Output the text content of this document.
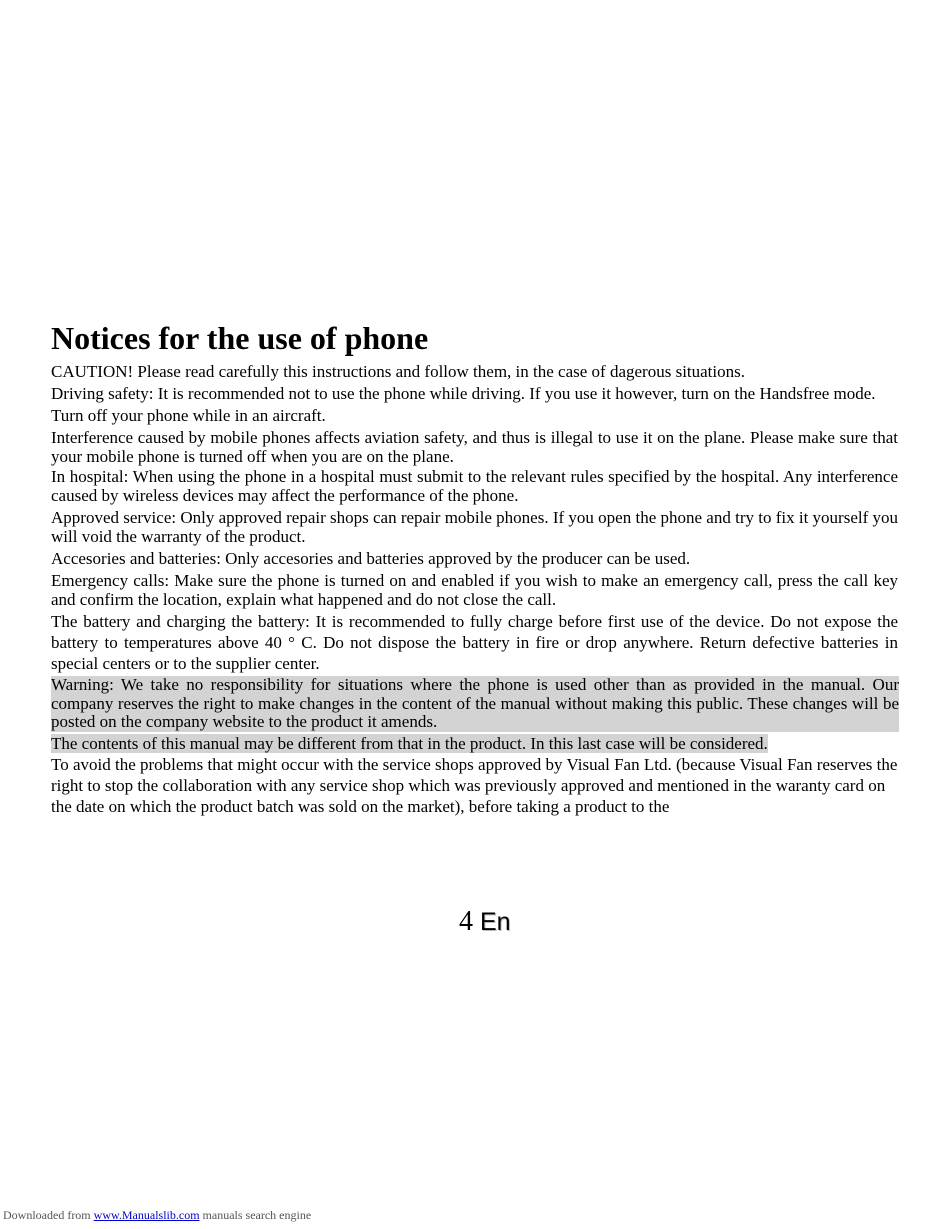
Notices for the use of phone

CAUTION! Please read carefully this instructions and follow them, in the case of dagerous situations.

Driving safety: It is recommended not to use the phone while driving. If you use it however, turn on the Handsfree mode.

Turn off your phone while in an aircraft.

Interference caused by mobile phones affects aviation safety, and thus is illegal to use it on the plane. Please make sure that your mobile phone is turned off when you are on the plane.

In hospital: When using the phone in a hospital must submit to the relevant rules specified by the hospital. Any interference caused by wireless devices may affect the performance of the phone.

Approved service: Only approved repair shops can repair mobile phones. If you open the phone and try to fix it yourself you will void the warranty of the product.

Accesories and batteries: Only accesories and batteries approved by the producer can be used.

Emergency calls: Make sure the phone is turned on and enabled if you wish to make an emergency call, press the call key and confirm the location, explain what happened and do not close the call.

The battery and charging the battery: It is recommended to fully charge before first use of the device. Do not expose the battery to temperatures above 40 ° C. Do not dispose the battery in fire or drop anywhere. Return defective batteries in special centers or to the supplier center.

Warning: We take no responsibility for situations where the phone is used other than as provided in the manual. Our company reserves the right to make changes in the content of the manual without making this public. These changes will be posted on the company website to the product it amends.

The contents of this manual may be different from that in the product. In this last case will be considered.

To avoid the problems that might occur with the service shops approved by Visual Fan Ltd. (because Visual Fan reserves the right to stop the collaboration with any service shop which was previously approved and mentioned in the waranty card on the date on which the product batch was sold on the market), before taking a product to the

4 En
Downloaded from www.Manualslib.com manuals search engine
